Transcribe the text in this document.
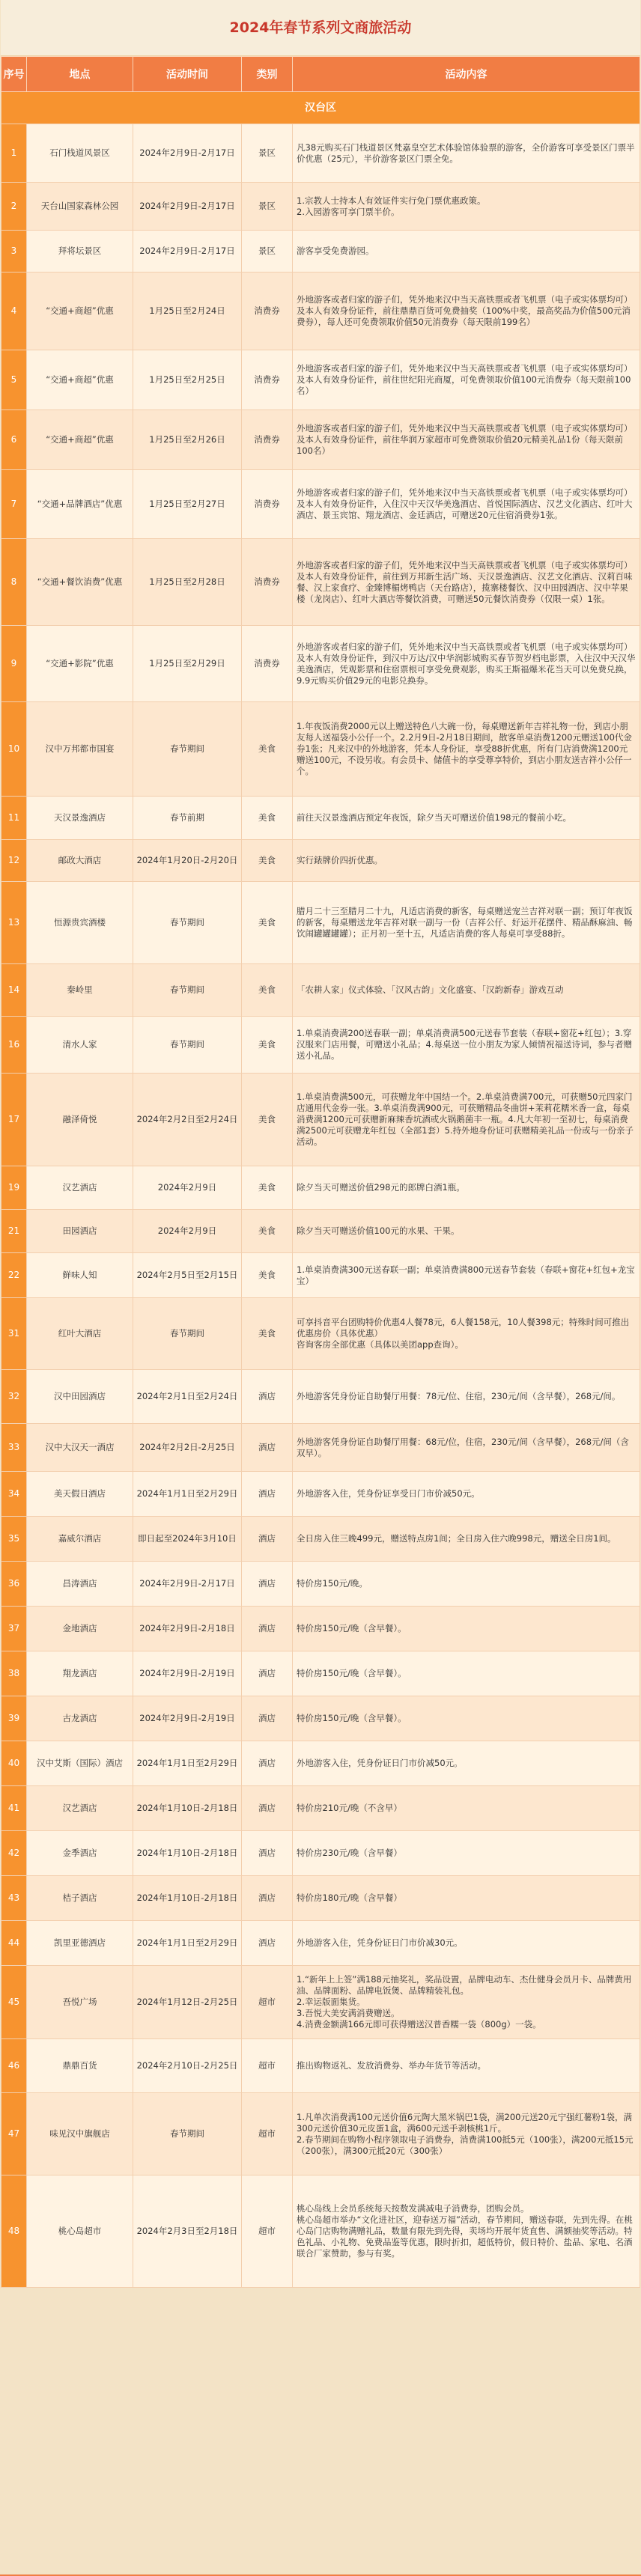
2024年春节系列文商旅活动
序号	地点	活动时间	类别	活动内容
汉台区				
1	石门栈道风景区	2024年2月9日-2月17日	景区	凡38元购买石门栈道景区梵嘉皇空艺术体验馆体验票的游客，全价游客可享受景区门票半价优惠（25元），半价游客景区门票全免。
2	天台山国家森林公园	2024年2月9日-2月17日	景区	1.宗教人士持本人有效证件实行免门票优惠政策。
2.入园游客可享门票半价。
3	拜将坛景区	2024年2月9日-2月17日	景区	游客享受免费游园。
4	“交通+商超”优惠	1月25日至2月24日	消费券	外地游客或者归家的游子们，凭外地来汉中当天高铁票或者飞机票（电子或实体票均可）及本人有效身份证件，前往鼎鼎百货可免费抽奖（100%中奖，最高奖品为价值500元消费券），每人还可免费领取价值50元消费券（每天限前199名）
5	“交通+商超”优惠	1月25日至2月25日	消费券	外地游客或者归家的游子们，凭外地来汉中当天高铁票或者飞机票（电子或实体票均可）及本人有效身份证件，前往世纪阳光商厦，可免费领取价值100元消费券（每天限前100名）
6	“交通+商超”优惠	1月25日至2月26日	消费券	外地游客或者归家的游子们，凭外地来汉中当天高铁票或者飞机票（电子或实体票均可）及本人有效身份证件，前往华润万家超市可免费领取价值20元精美礼品1份（每天限前100名）
7	“交通+品牌酒店”优惠	1月25日至2月27日	消费券	外地游客或者归家的游子们，凭外地来汉中当天高铁票或者飞机票（电子或实体票均可）及本人有效身份证件，入住汉中天汉华美逸酒店、首悦国际酒店、汉艺文化酒店、红叶大酒店、景玉宾馆、翔龙酒店、金廷酒店，可赠送20元住宿消费券1张。
8	“交通+餐饮消费”优惠	1月25日至2月28日	消费券	外地游客或者归家的游子们，凭外地来汉中当天高铁票或者飞机票（电子或实体票均可）及本人有效身份证件，前往到万邦新生活广场、天汉景逸酒店、汉艺文化酒店、汉莉百味餐、汉上家食疗、金臻博楣烤鸭店（天台路店），揽寨楼餐饮、汉中田园酒店、汉中苹果楼（龙岗店）、红叶大酒店等餐饮消费，可赠送50元餐饮消费券（仅限一桌）1张。
9	“交通+影院”优惠	1月25日至2月29日	消费券	外地游客或者归家的游子们，凭外地来汉中当天高铁票或者飞机票（电子或实体票均可）及本人有效身份证件，到汉中万达/汉中华润影城购买春节贺岁档电影票，入住汉中天汉华美逸酒店，凭观影票和住宿票根可享受免费观影，购买王斯福爆米花当天可以免费兑换，9.9元购买价值29元的电影兑换券。
10	汉中万邦都市国宴	春节期间	美食	1.年夜饭消费2000元以上赠送特色八大碗一份，每桌赠送新年吉祥礼物一份，到店小朋友每人送福袋小公仔一个。2.2月9日-2月18日期间，散客单桌消费1200元赠送100代金券1张；凡来汉中的外地游客，凭本人身份证，享受88折优惠，所有门店消费满1200元赠送100元，不设另收。有会员卡、储值卡的享受尊享特价，到店小朋友送吉祥小公仔一个。
11	天汉景逸酒店	春节前期	美食	前往天汉景逸酒店预定年夜饭，除夕当天可赠送价值198元的餐前小吃。
12	邮政大酒店	2024年1月20日-2月20日	美食	实行錶牌价四折优惠。
13	恒源贵宾酒楼	春节期间	美食	腊月二十三至腊月二十九，凡适店消费的新客，每桌赠送宠兰吉祥对联一副；预订年夜饭的新客，每桌赠送龙年吉祥对联一副与一份（吉祥公仔、好运开花摆件、精品酥麻油、畅饮闹罐罐罐罐）；正月初一至十五，凡适店消费的客人每桌可享受88折。
14	秦岭里	春节期间	美食	「农耕人家」仪式体验、「汉风古韵」文化盛宴、「汉韵新春」游戏互动
16	清水人家	春节期间	美食	1.单桌消费满200送春联一副；单桌消费满500元送春节套装（春联+窗花+红包）；3.穿汉服来门店用餐，可赠送小礼品；4.每桌送一位小朋友为家人倾情祝福送诗词，参与者赠送小礼品。
17	融泽倚悦	2024年2月2日至2月24日	美食	1.单桌消费满500元，可获赠龙年中国结一个。2.单桌消费满700元，可获赠50元四家门店通用代金券一张。3.单桌消费满900元，可获赠精品冬曲饼+茉莉花糯米香一盒，每桌消费满1200元可获赠新麻辣香坑酒或火锅鹅菌丰一瓶。4.凡大年初一至初七，每桌消费满2500元可获赠龙年红包（全部1套）5.持外地身份证可获赠精美礼品一份或与一份亲子活动。
19	汉艺酒店	2024年2月9日	美食	除夕当天可赠送价值298元的郎牌白酒1瓶。
21	田园酒店	2024年2月9日	美食	除夕当天可赠送价值100元的水果、干果。
22	鲜味人知	2024年2月5日至2月15日	美食	1.单桌消费满300元送春联一副；单桌消费满800元送春节套装（春联+窗花+红包+龙宝宝）
31	红叶大酒店	春节期间	美食	可享抖音平台团购特价优惠4人餐78元，6人餐158元，10人餐398元；特殊时间可推出优惠房价（具体优惠）
咨询客房全部优惠（具体以美团app查询）。
32	汉中田园酒店	2024年2月1日至2月24日	酒店	外地游客凭身份证自助餐厅用餐：78元/位、住宿，230元/间（含早餐），268元/间。
33	汉中大汉天一酒店	2024年2月2日-2月25日	酒店	外地游客凭身份证自助餐厅用餐：68元/位，住宿，230元/间（含早餐），268元/间（含双早）。
34	美天假日酒店	2024年1月1日至2月29日	酒店	外地游客入住，凭身份证享受日门市价减50元。
35	嘉威尔酒店	即日起至2024年3月10日	酒店	全日房入住三晚499元，赠送特点房1间；全日房入住六晚998元，赠送全日房1间。
36	昌涛酒店	2024年2月9日-2月17日	酒店	特价房150元/晚。
37	金地酒店	2024年2月9日-2月18日	酒店	特价房150元/晚（含早餐）。
38	翔龙酒店	2024年2月9日-2月19日	酒店	特价房150元/晚（含早餐）。
39	古龙酒店	2024年2月9日-2月19日	酒店	特价房150元/晚（含早餐）。
40	汉中艾斯（国际）酒店	2024年1月1日至2月29日	酒店	外地游客入住，凭身份证日门市价减50元。
41	汉艺酒店	2024年1月10日-2月18日	酒店	特价房210元/晚（不含早）
42	金季酒店	2024年1月10日-2月18日	酒店	特价房230元/晚（含早餐）
43	桔子酒店	2024年1月10日-2月18日	酒店	特价房180元/晚（含早餐）
44	凯里亚德酒店	2024年1月1日至2月29日	酒店	外地游客入住，凭身份证日门市价减30元。
45	吾悦广场	2024年1月12日-2月25日	超市	1.“新年上上签”满188元抽奖礼，奖品设置，品牌电动车、杰仕健身会员月卡、品牌黄用油、品牌面粉、品牌电饭煲、品牌精装礼包。
2.幸运版面集货。
3.吾悦大美安满消费赠送。
4.消费金额满166元即可获得赠送汉普香糯一袋（800g）一袋。
46	鼎鼎百货	2024年2月10日-2月25日	超市	推出购物返礼、发放消费券、举办年货节等活动。
47	味见汉中旗舰店	春节期间	超市	1.凡单次消费满100元送价值6元陶大黑米锅巴1袋，满200元送20元宁强红薯粉1袋，满300元送价值30元皮蛋1盒，满600元送手剥核桃1斤。
2.春节期间在购物小程序领取电子消费券，消费满100抵5元（100张），满200元抵15元（200张），满300元抵20元（300张）
48	桃心岛超市	2024年2月3日至2月18日	超市	桃心岛线上会员系统每天按数发满减电子消费券，团购会员。
桃心岛超市举办“文化进社区，迎春送万福”活动，春节期间，赠送春联，先到先得。在桃心岛门店购物满赠礼品，数量有限先到先得，卖场均开展年货直售、满额抽奖等活动。特色礼品、小礼物、免费品鉴等优惠，限时折扣，超低特价，假日特价、盐品、家电、名酒联合厂家赞助，参与有奖。
